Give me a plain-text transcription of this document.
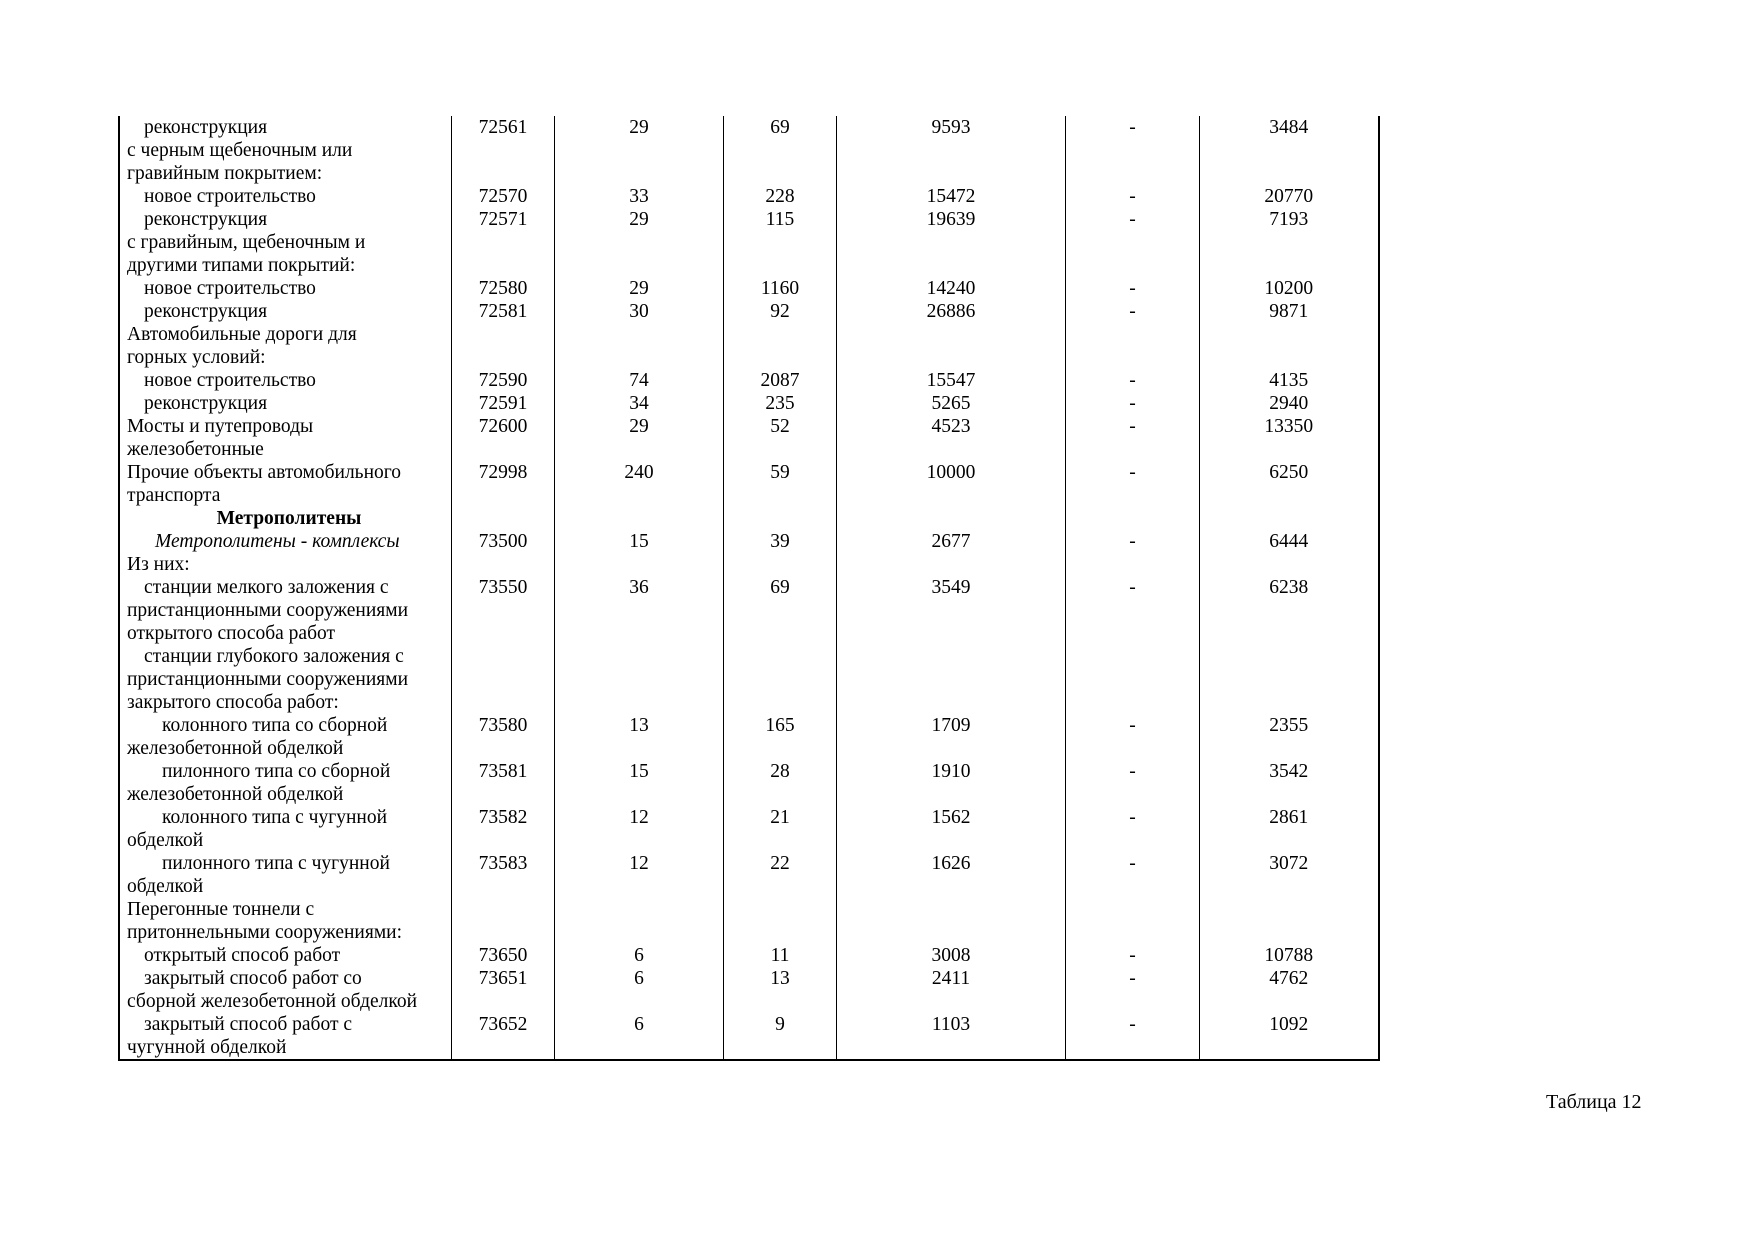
реконструкция	72561	29	69	9593	-	3484

с черным щебеночным или
гравийным покрытием:						

новое строительство	72570	33	228	15472	-	20770

реконструкция	72571	29	115	19639	-	7193

с гравийным, щебеночным и
другими типами покрытий:						

новое строительство	72580	29	1160	14240	-	10200

реконструкция	72581	30	92	26886	-	9871

Автомобильные дороги для
горных условий:						

новое строительство	72590	74	2087	15547	-	4135

реконструкция	72591	34	235	5265	-	2940

Мосты и путепроводы
железобетонные	72600	29	52	4523	-	13350

Прочие объекты автомобильного
транспорта	72998	240	59	10000	-	6250

Метрополитены						

Метрополитены - комплексы	73500	15	39	2677	-	6444

Из них:						

станции мелкого заложения с
пристанционными сооружениями
открытого способа работ	73550	36	69	3549	-	6238

станции глубокого заложения с
пристанционными сооружениями
закрытого способа работ:						

колонного типа со сборной
железобетонной обделкой	73580	13	165	1709	-	2355

пилонного типа со сборной
железобетонной обделкой	73581	15	28	1910	-	3542

колонного типа с чугунной
обделкой	73582	12	21	1562	-	2861

пилонного типа с чугунной
обделкой	73583	12	22	1626	-	3072

Перегонные тоннели с
притоннельными сооружениями:						

открытый способ работ	73650	6	11	3008	-	10788

закрытый способ работ со
сборной железобетонной обделкой	73651	6	13	2411	-	4762

закрытый способ работ с
чугунной обделкой	73652	6	9	1103	-	1092
Таблица 12
